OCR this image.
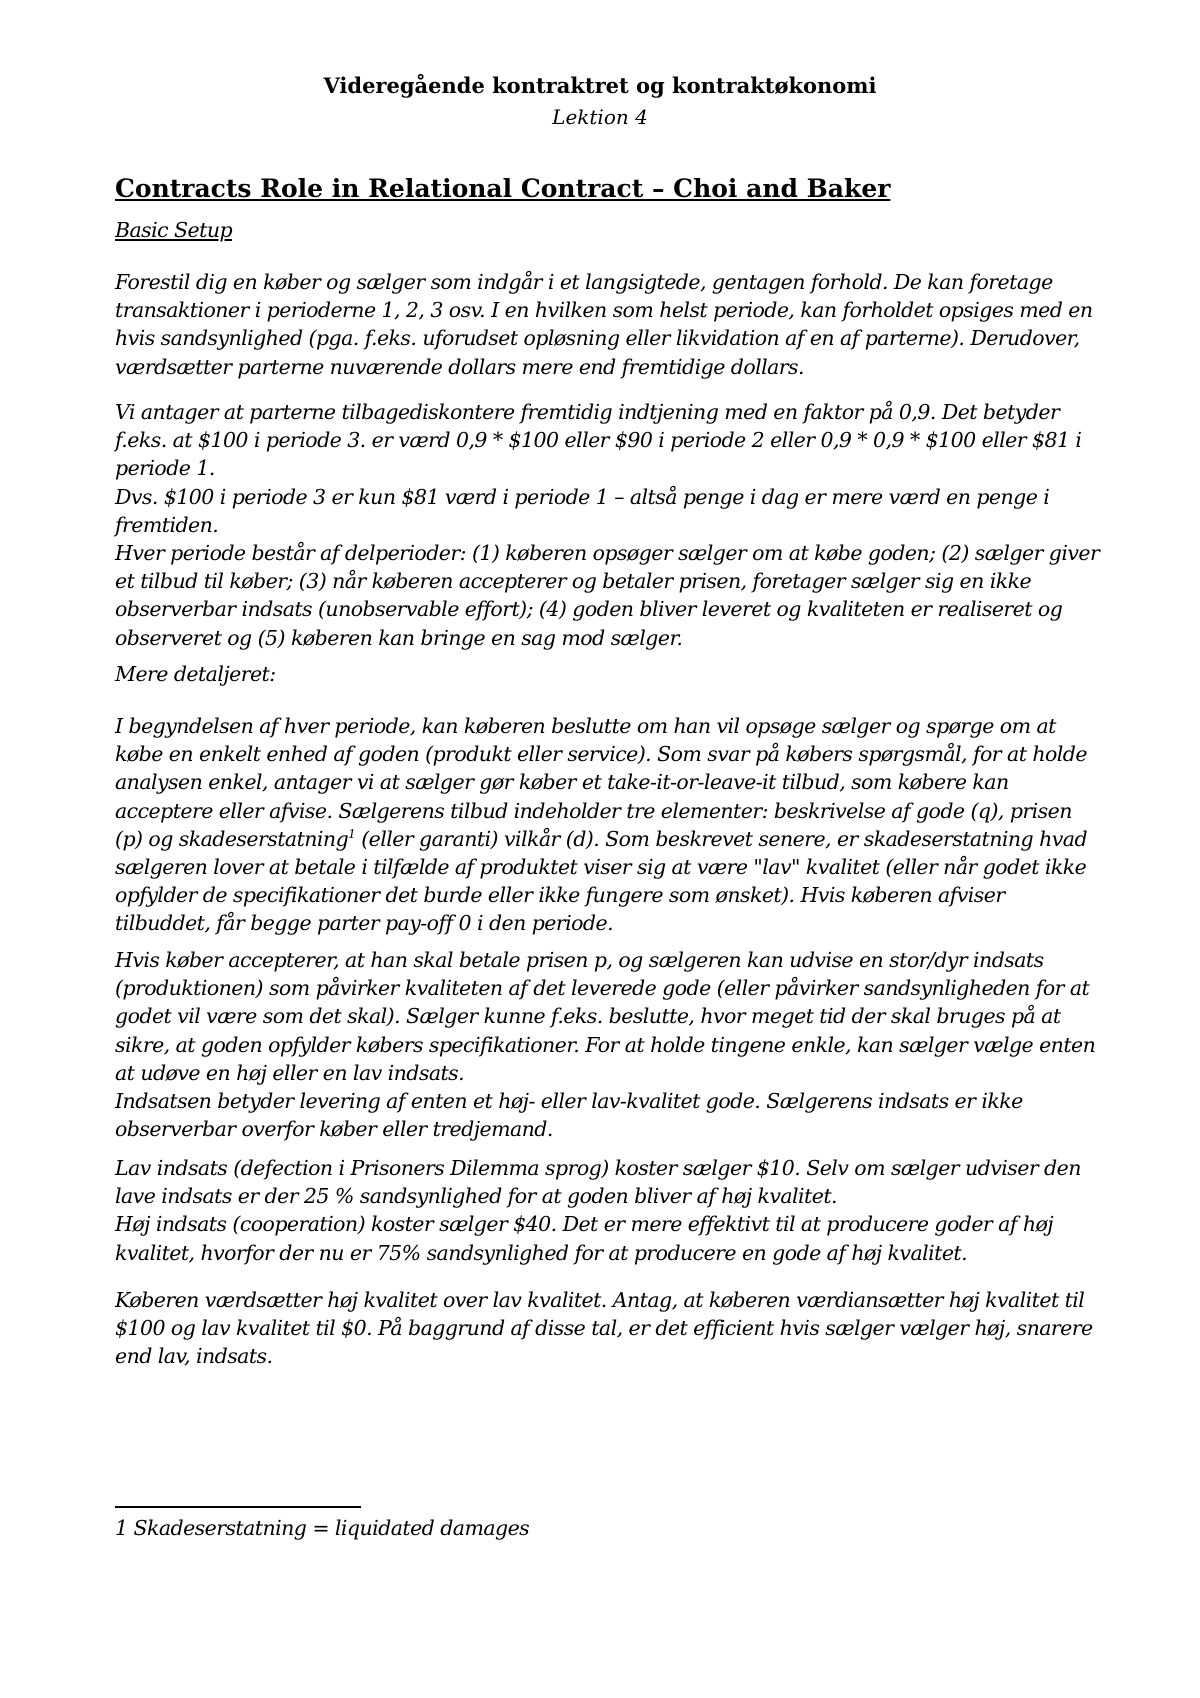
Videregående kontraktret og kontraktøkonomi
Lektion 4
Contracts Role in Relational Contract – Choi and Baker
Basic Setup

Forestil dig en køber og sælger som indgår i et langsigtede, gentagen forhold. De kan foretage transaktioner i perioderne 1, 2, 3 osv. I en hvilken som helst periode, kan forholdet opsiges med en hvis sandsynlighed (pga. f.eks. uforudset opløsning eller likvidation af en af parterne). Derudover, værdsætter parterne nuværende dollars mere end fremtidige dollars.

Vi antager at parterne tilbagediskontere fremtidig indtjening med en faktor på 0,9. Det betyder f.eks. at $100 i periode 3. er værd 0,9 * $100 eller $90 i periode 2 eller 0,9 * 0,9 * $100 eller $81 i periode 1.

Dvs. $100 i periode 3 er kun $81 værd i periode 1 – altså penge i dag er mere værd en penge i fremtiden.

Hver periode består af delperioder: (1) køberen opsøger sælger om at købe goden; (2) sælger giver et tilbud til køber; (3) når køberen accepterer og betaler prisen, foretager sælger sig en ikke observerbar indsats (unobservable effort); (4) goden bliver leveret og kvaliteten er realiseret og observeret og (5) køberen kan bringe en sag mod sælger.

Mere detaljeret:

I begyndelsen af hver periode, kan køberen beslutte om han vil opsøge sælger og spørge om at købe en enkelt enhed af goden (produkt eller service). Som svar på købers spørgsmål, for at holde analysen enkel, antager vi at sælger gør køber et take-it-or-leave-it tilbud, som købere kan acceptere eller afvise. Sælgerens tilbud indeholder tre elementer: beskrivelse af gode (q), prisen (p) og skadeserstatning$^1$ (eller garanti) vilkår (d). Som beskrevet senere, er skadeserstatning hvad sælgeren lover at betale i tilfælde af produktet viser sig at være "lav" kvalitet (eller når godet ikke opfylder de specifikationer det burde eller ikke fungere som ønsket). Hvis køberen afviser tilbuddet, får begge parter pay-off 0 i den periode.

Hvis køber accepterer, at han skal betale prisen p, og sælgeren kan udvise en stor/dyr indsats (produktionen) som påvirker kvaliteten af det leverede gode (eller påvirker sandsynligheden for at godet vil være som det skal). Sælger kunne f.eks. beslutte, hvor meget tid der skal bruges på at sikre, at goden opfylder købers specifikationer. For at holde tingene enkle, kan sælger vælge enten at udøve en høj eller en lav indsats.

Indsatsen betyder levering af enten et høj- eller lav-kvalitet gode. Sælgerens indsats er ikke observerbar overfor køber eller tredjemand.

Lav indsats (defection i Prisoners Dilemma sprog) koster sælger $10. Selv om sælger udviser den lave indsats er der 25 % sandsynlighed for at goden bliver af høj kvalitet.

Høj indsats (cooperation) koster sælger $40. Det er mere effektivt til at producere goder af høj kvalitet, hvorfor der nu er 75% sandsynlighed for at producere en gode af høj kvalitet.

Køberen værdsætter høj kvalitet over lav kvalitet. Antag, at køberen værdiansætter høj kvalitet til $100 og lav kvalitet til $0. På baggrund af disse tal, er det efficient hvis sælger vælger høj, snarere end lav, indsats.

1 Skadeserstatning = liquidated damages
